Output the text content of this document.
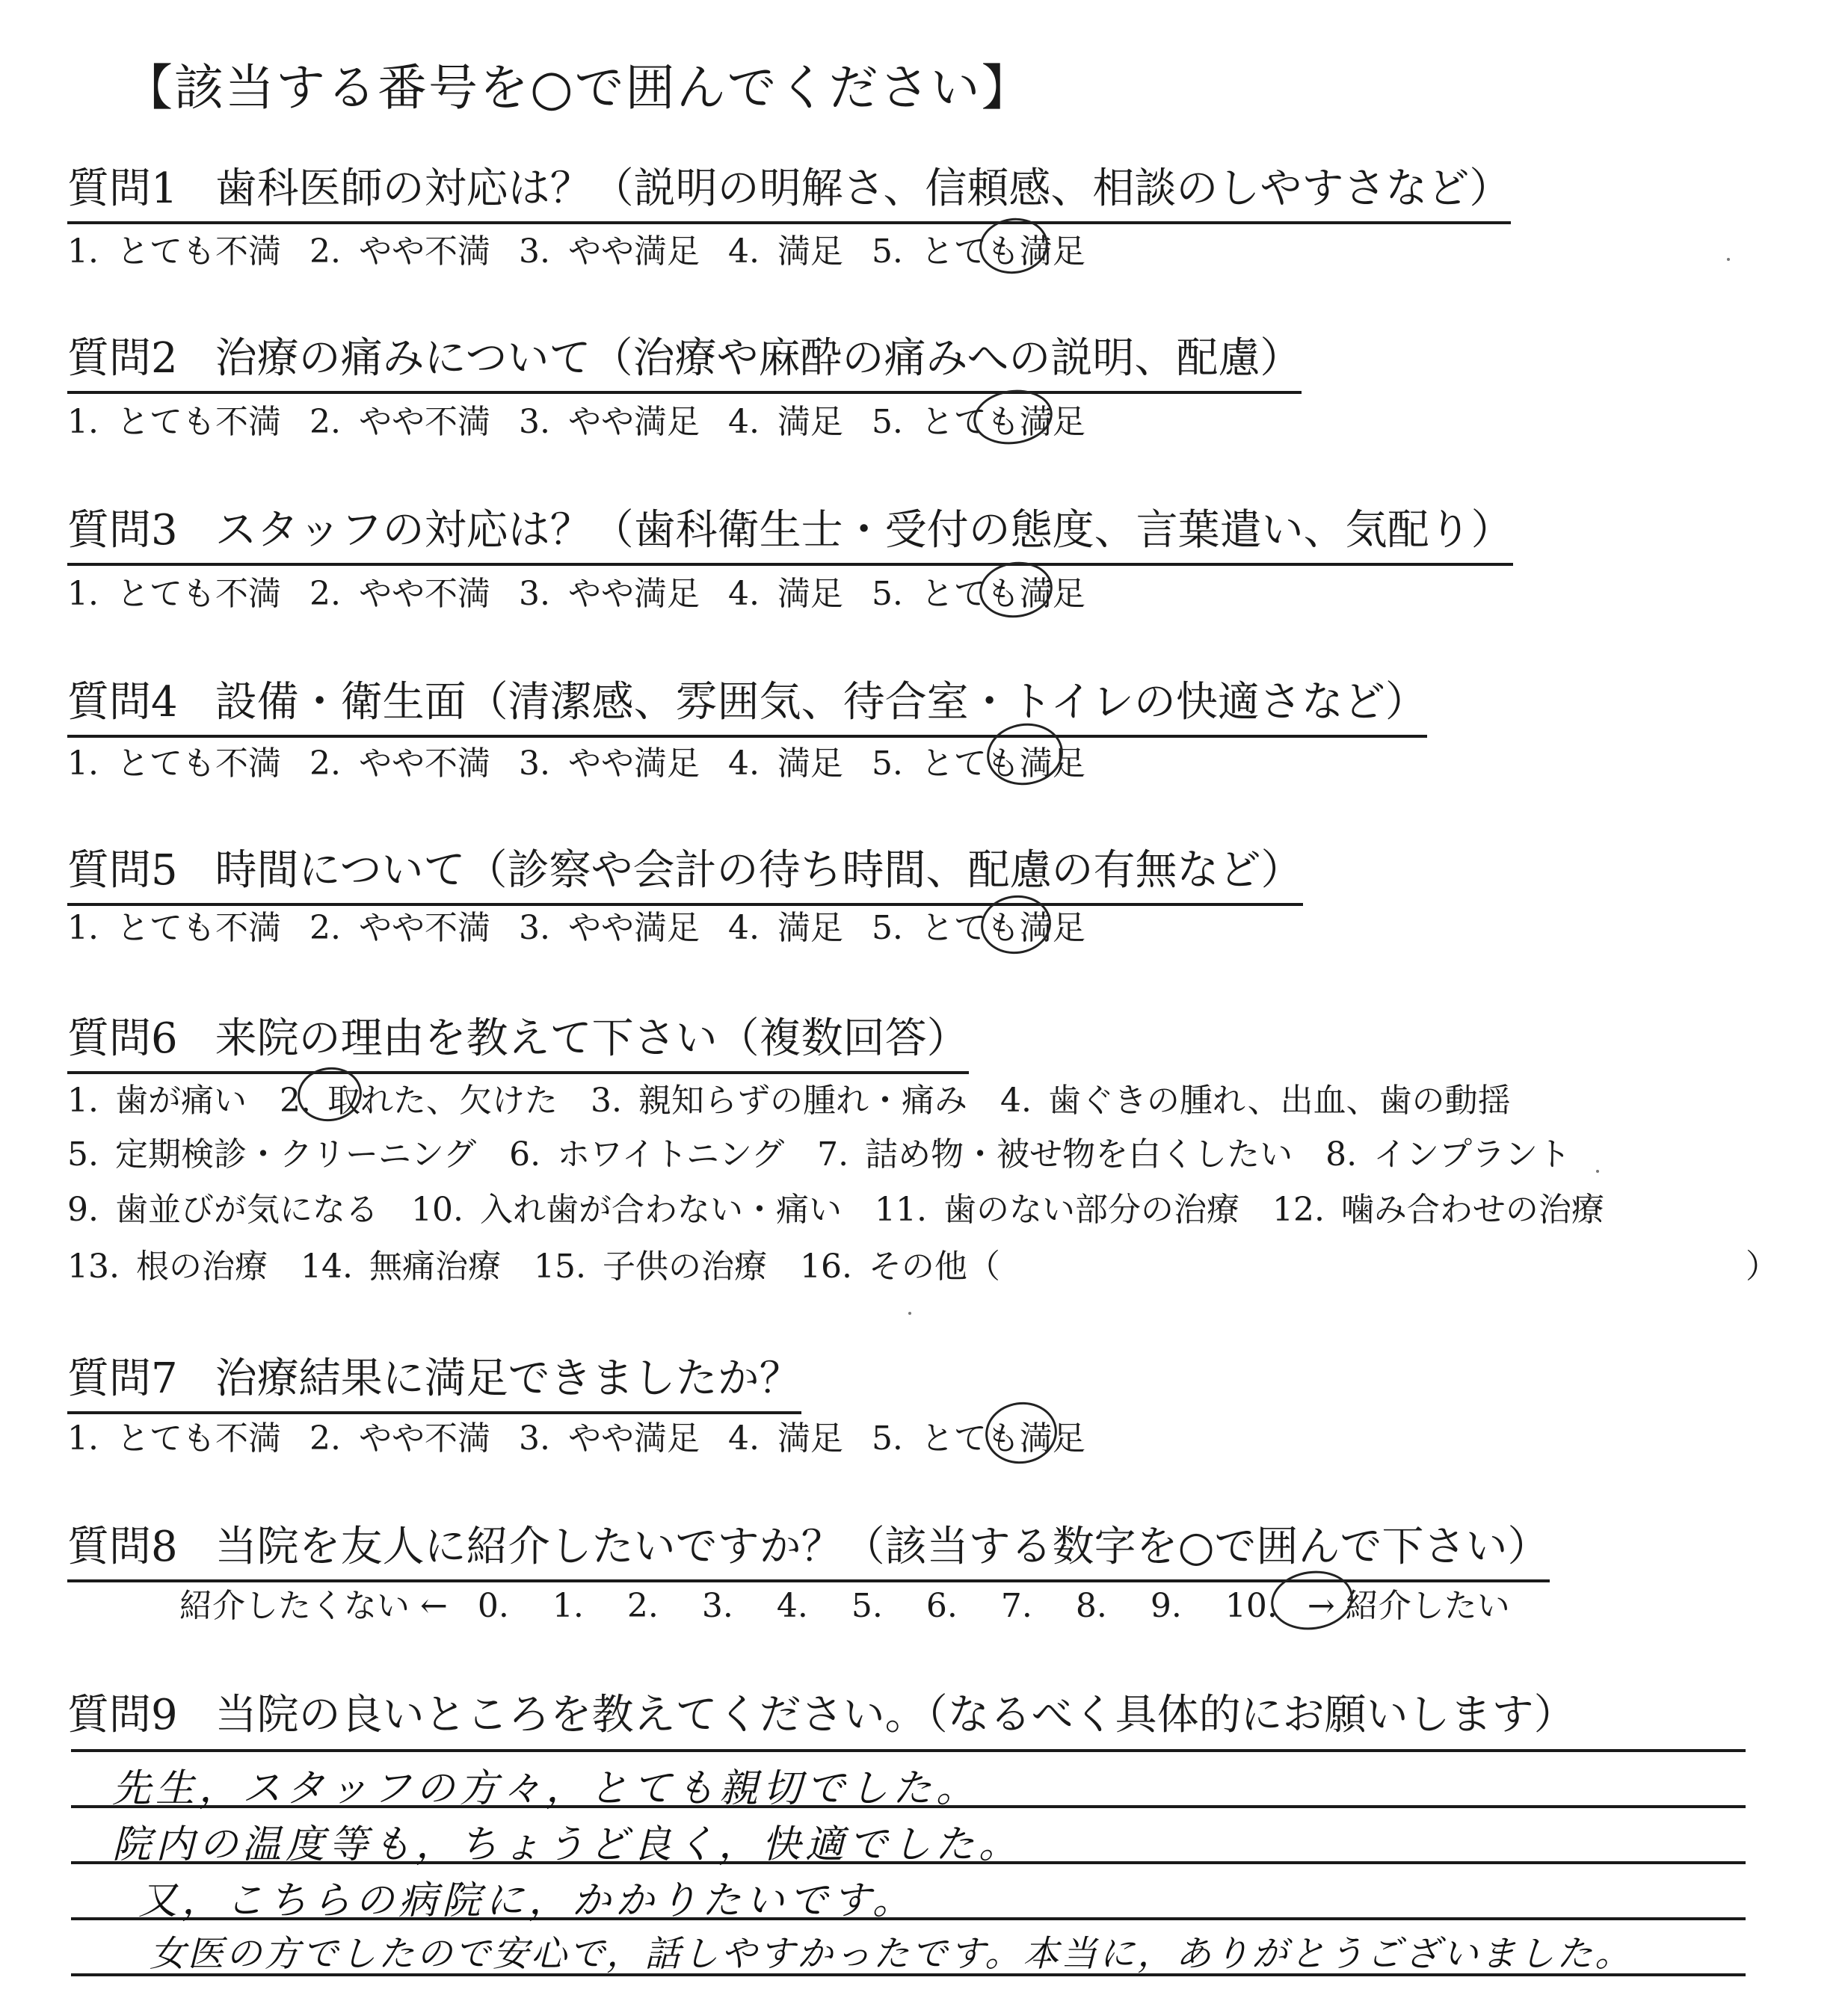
【該当する番号を○で囲んでください】
質問1 歯科医師の対応は？（説明の明解さ、信頼感、相談のしやすさなど）
1. とても不満 2. やや不満 3. やや満足 4. 満足 5. とても満足
質問2 治療の痛みについて（治療や麻酔の痛みへの説明、配慮）
1. とても不満 2. やや不満 3. やや満足 4. 満足 5. とても満足
質問3 スタッフの対応は？（歯科衛生士・受付の態度、言葉遣い、気配り）
1. とても不満 2. やや不満 3. やや満足 4. 満足 5. とても満足
質問4 設備・衛生面（清潔感、雰囲気、待合室・トイレの快適さなど）
1. とても不満 2. やや不満 3. やや満足 4. 満足 5. とても満足
質問5 時間について（診察や会計の待ち時間、配慮の有無など）
1. とても不満 2. やや不満 3. やや満足 4. 満足 5. とても満足
質問6 来院の理由を教えて下さい（複数回答）
1. 歯が痛い 2. 取れた、欠けた 3. 親知らずの腫れ・痛み 4. 歯ぐきの腫れ、出血、歯の動揺
5. 定期検診・クリーニング 6. ホワイトニング 7. 詰め物・被せ物を白くしたい 8. インプラント
9. 歯並びが気になる 10. 入れ歯が合わない・痛い 11. 歯のない部分の治療 12. 噛み合わせの治療
13. 根の治療 14. 無痛治療 15. 子供の治療 16. その他（	）
質問7 治療結果に満足できましたか？
1. とても不満 2. やや不満 3. やや満足 4. 満足 5. とても満足
質問8 当院を友人に紹介したいですか？（該当する数字を○で囲んで下さい）
紹介したくない ← 0. 1. 2. 3. 4. 5. 6. 7. 8. 9. 10. → 紹介したい
質問9 当院の良いところを教えてください。（なるべく具体的にお願いします）
先生，スタッフの方々，とても親切でした。
院内の温度等も，ちょうど良く，快適でした。
又，こちらの病院に，かかりたいです。
女医の方でしたので安心で，話しやすかったです。本当に，ありがとうございました。
